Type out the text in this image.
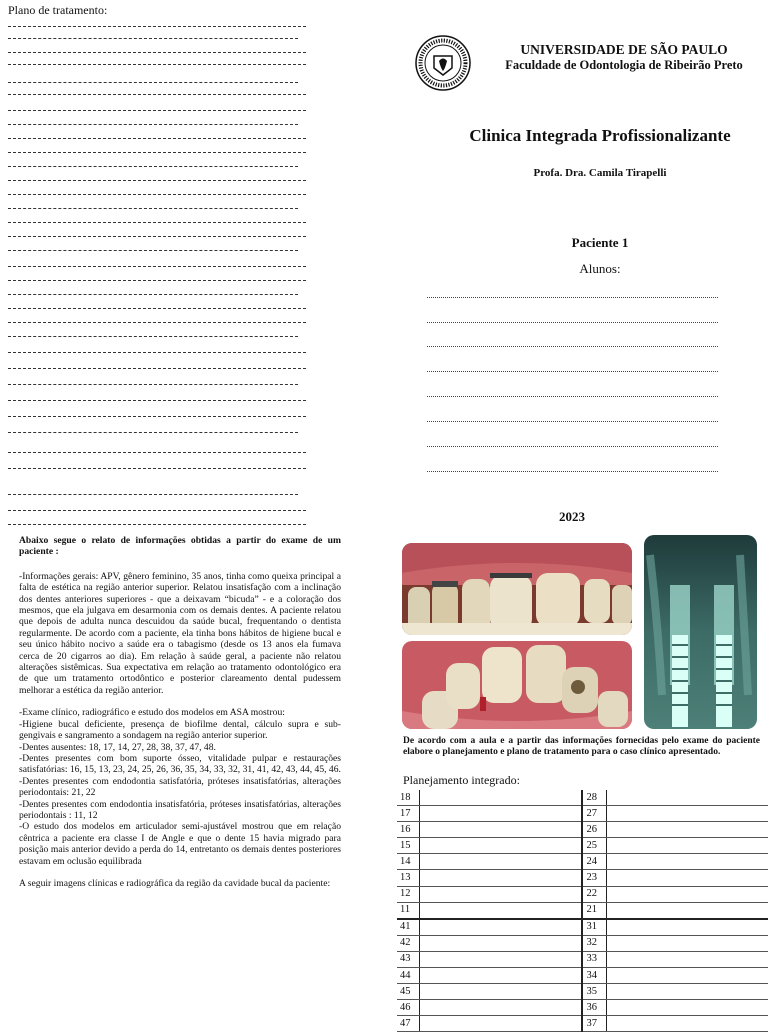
Plano de tratamento:

Abaixo segue o relato de informações obtidas a partir do exame de um paciente :

-Informações gerais: APV, gênero feminino, 35 anos, tinha como queixa principal a falta de estética na região anterior superior. Relatou insatisfação com a inclinação dos dentes anteriores superiores - que a deixavam “bicuda” - e a coloração dos mesmos, que ela julgava em desarmonia com os demais dentes. A paciente relatou que depois de adulta nunca descuidou da saúde bucal, frequentando o dentista regularmente. De acordo com a paciente, ela tinha bons hábitos de higiene bucal e seu único hábito nocivo a saúde era o tabagismo (desde os 13 anos ela fumava cerca de 20 cigarros ao dia). Em relação à saúde geral, a paciente não relatou alterações sistêmicas. Sua expectativa em relação ao tratamento odontológico era de que um tratamento ortodôntico e posterior clareamento dental pudessem melhorar a estética da região anterior.

-Exame clínico, radiográfico e estudo dos modelos em ASA mostrou:

-Higiene bucal deficiente, presença de biofilme dental, cálculo supra e sub-gengivais e sangramento a sondagem na região anterior superior.

-Dentes ausentes: 18, 17, 14, 27, 28, 38, 37, 47, 48.

-Dentes presentes com bom suporte ósseo, vitalidade pulpar e restaurações satisfatórias: 16, 15, 13, 23, 24, 25, 26, 36, 35, 34, 33, 32, 31, 41, 42, 43, 44, 45, 46.

-Dentes presentes com endodontia satisfatória, próteses insatisfatórias, alterações periodontais: 21, 22

-Dentes presentes com endodontia insatisfatória, próteses insatisfatórias, alterações periodontais : 11, 12

-O estudo dos modelos em articulador semi-ajustável mostrou que em relação cêntrica a paciente era classe I de Angle e que o dente 15 havia migrado para posição mais anterior devido a perda do 14, entretanto os demais dentes posteriores estavam em oclusão equilibrada

A seguir imagens clínicas e radiográfica da região da cavidade bucal da paciente:

UNIVERSIDADE DE SÃO PAULO
Faculdade de Odontologia de Ribeirão Preto
Clinica Integrada Profissionalizante
Profa. Dra. Camila Tirapelli
Paciente 1
Alunos:
2023
De acordo com a aula e a partir das informações fornecidas pelo exame do paciente elabore o planejamento e plano de tratamento para o caso clínico apresentado.
Planejamento integrado:
18		28	
17		27	
16		26	
15		25	
14		24	
13		23	
12		22	
11		21	
41		31	
42		32	
43		33	
44		34	
45		35	
46		36	
47		37	
